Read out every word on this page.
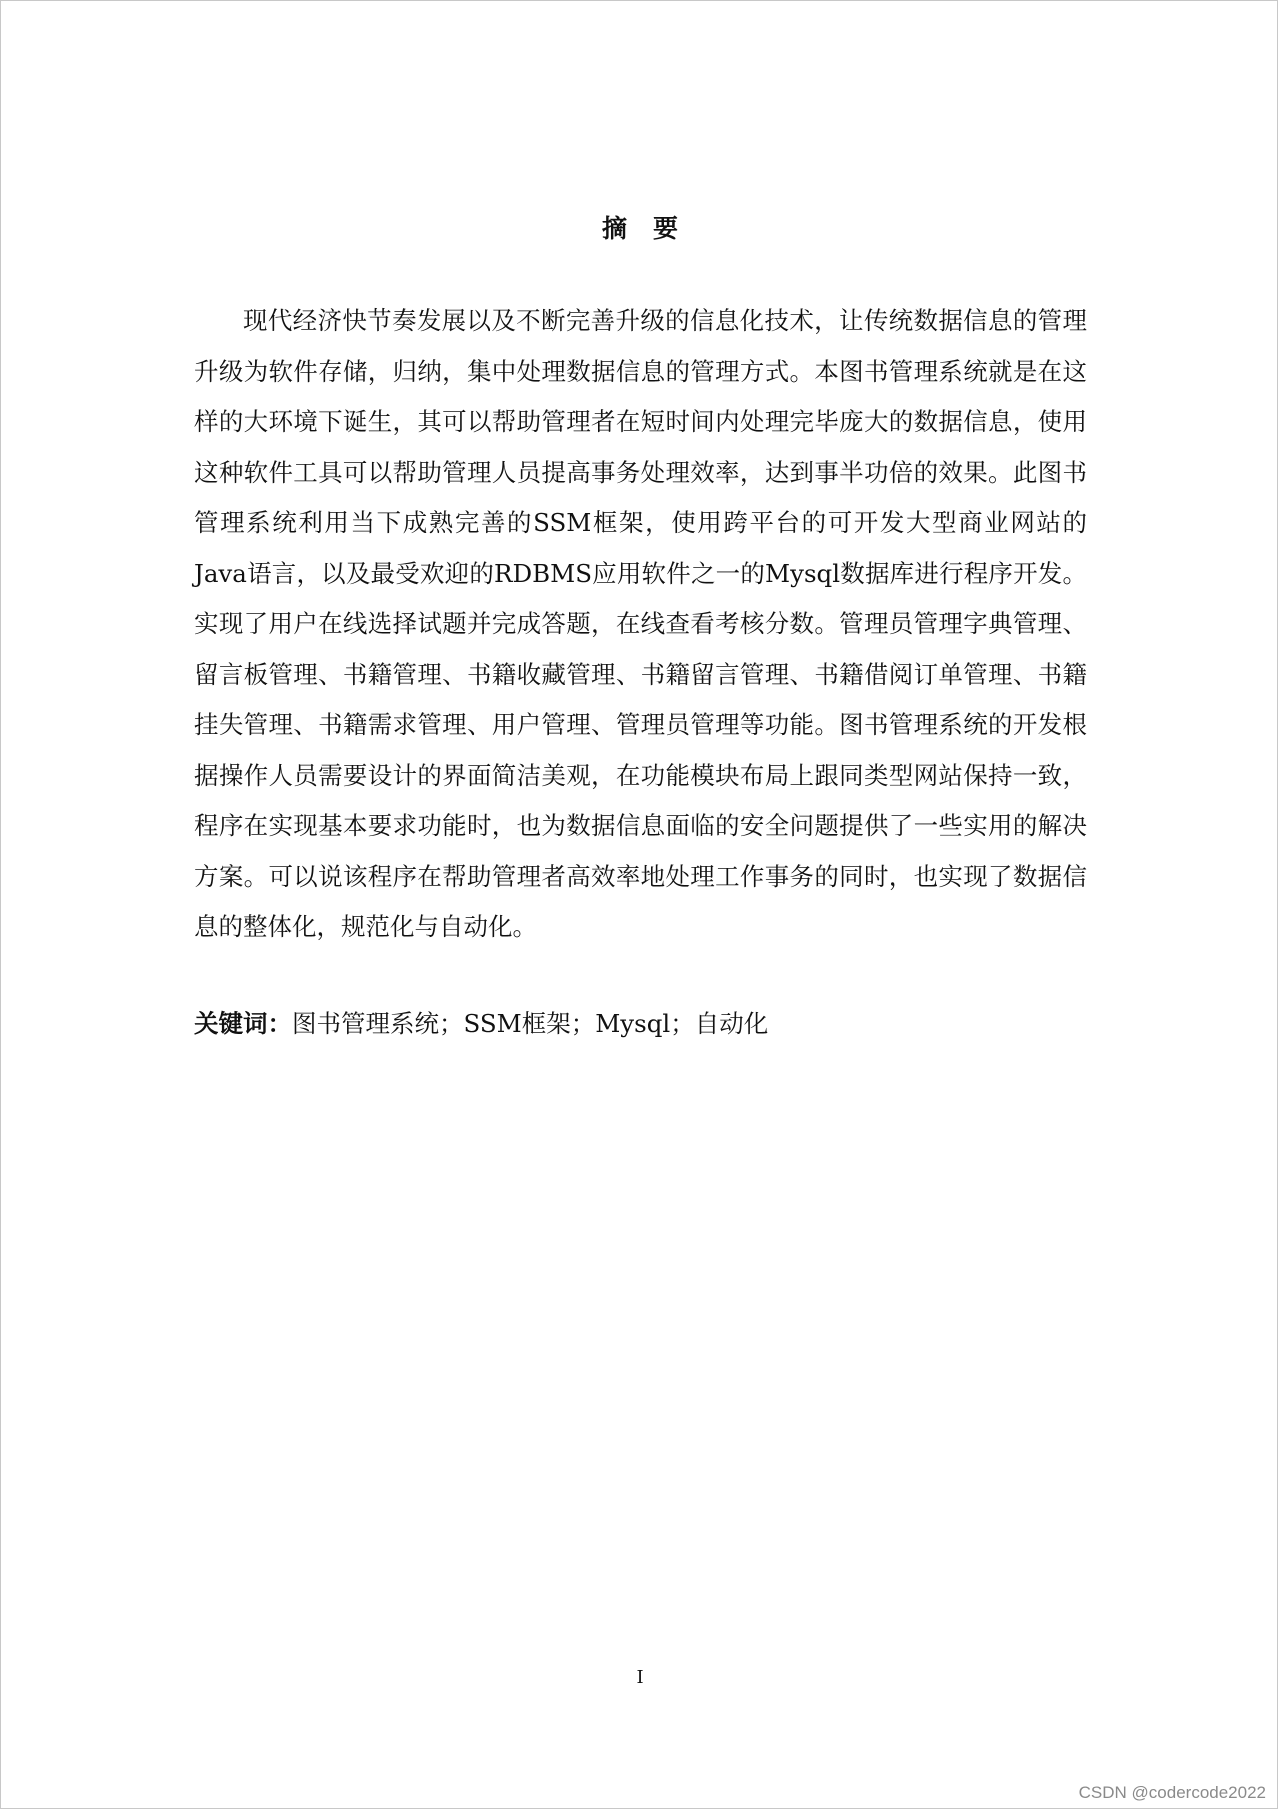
摘要

现代经济快节奏发展以及不断完善升级的信息化技术，让传统数据信息的管理升级为软件存储，归纳，集中处理数据信息的管理方式。本图书管理系统就是在这样的大环境下诞生，其可以帮助管理者在短时间内处理完毕庞大的数据信息，使用这种软件工具可以帮助管理人员提高事务处理效率，达到事半功倍的效果。此图书管理系统利用当下成熟完善的SSM框架，使用跨平台的可开发大型商业网站的Java语言，以及最受欢迎的RDBMS应用软件之一的Mysql数据库进行程序开发。实现了用户在线选择试题并完成答题，在线查看考核分数。管理员管理字典管理、留言板管理、书籍管理、书籍收藏管理、书籍留言管理、书籍借阅订单管理、书籍挂失管理、书籍需求管理、用户管理、管理员管理等功能。图书管理系统的开发根据操作人员需要设计的界面简洁美观，在功能模块布局上跟同类型网站保持一致，程序在实现基本要求功能时，也为数据信息面临的安全问题提供了一些实用的解决方案。可以说该程序在帮助管理者高效率地处理工作事务的同时，也实现了数据信息的整体化，规范化与自动化。

关键词：图书管理系统；SSM框架；Mysql；自动化

I

CSDN @codercode2022
